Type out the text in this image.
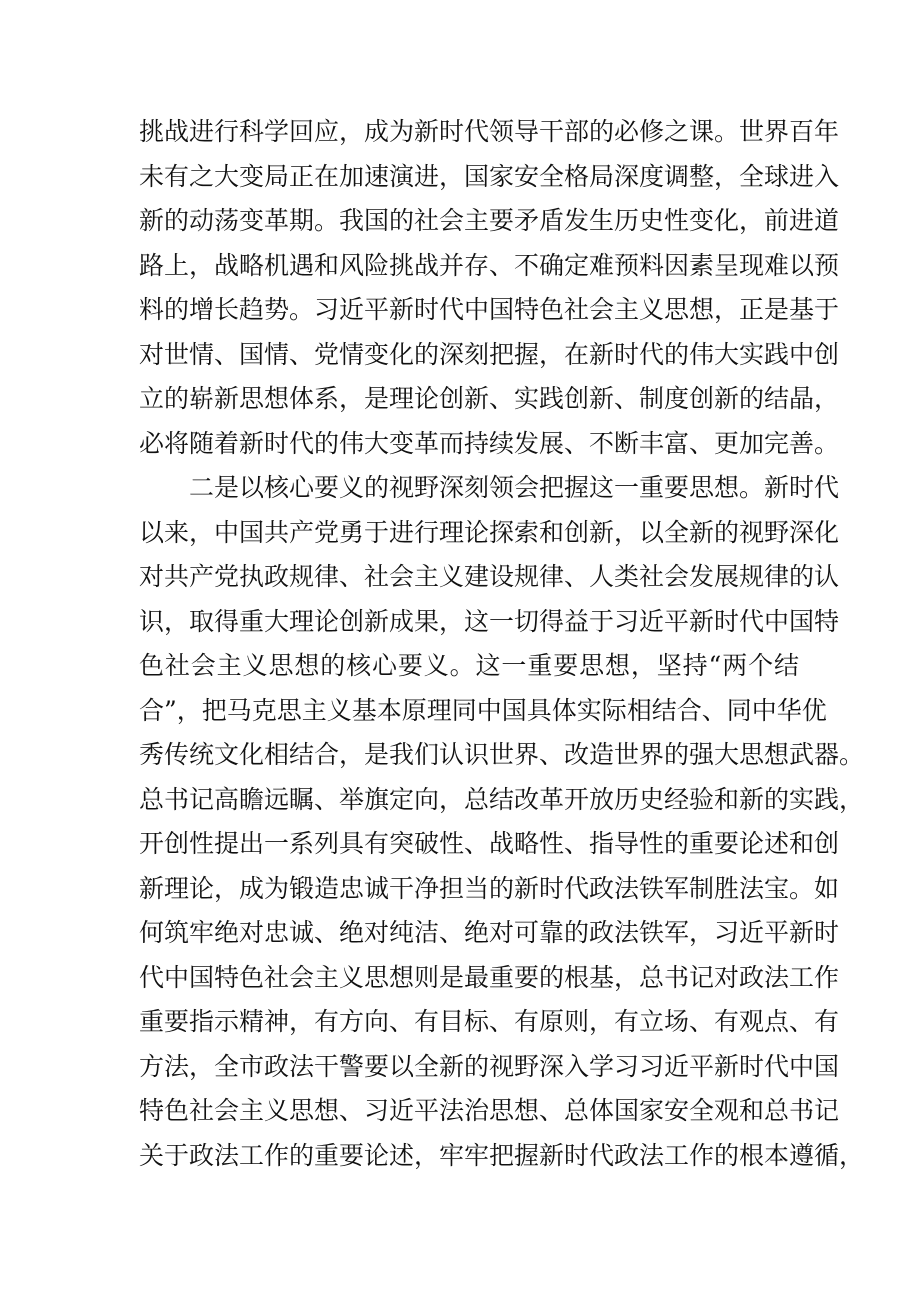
挑战进行科学回应，成为新时代领导干部的必修之课。世界百年
未有之大变局正在加速演进，国家安全格局深度调整，全球进入
新的动荡变革期。我国的社会主要矛盾发生历史性变化，前进道
路上，战略机遇和风险挑战并存、不确定难预料因素呈现难以预
料的增长趋势。习近平新时代中国特色社会主义思想，正是基于
对世情、国情、党情变化的深刻把握，在新时代的伟大实践中创
立的崭新思想体系，是理论创新、实践创新、制度创新的结晶，
必将随着新时代的伟大变革而持续发展、不断丰富、更加完善。
二是以核心要义的视野深刻领会把握这一重要思想。新时代
以来，中国共产党勇于进行理论探索和创新，以全新的视野深化
对共产党执政规律、社会主义建设规律、人类社会发展规律的认
识，取得重大理论创新成果，这一切得益于习近平新时代中国特
色社会主义思想的核心要义。这一重要思想，坚持“两个结
合”，把马克思主义基本原理同中国具体实际相结合、同中华优
秀传统文化相结合，是我们认识世界、改造世界的强大思想武器。
总书记高瞻远瞩、举旗定向，总结改革开放历史经验和新的实践，
开创性提出一系列具有突破性、战略性、指导性的重要论述和创
新理论，成为锻造忠诚干净担当的新时代政法铁军制胜法宝。如
何筑牢绝对忠诚、绝对纯洁、绝对可靠的政法铁军，习近平新时
代中国特色社会主义思想则是最重要的根基，总书记对政法工作
重要指示精神，有方向、有目标、有原则，有立场、有观点、有
方法，全市政法干警要以全新的视野深入学习习近平新时代中国
特色社会主义思想、习近平法治思想、总体国家安全观和总书记
关于政法工作的重要论述，牢牢把握新时代政法工作的根本遵循，
